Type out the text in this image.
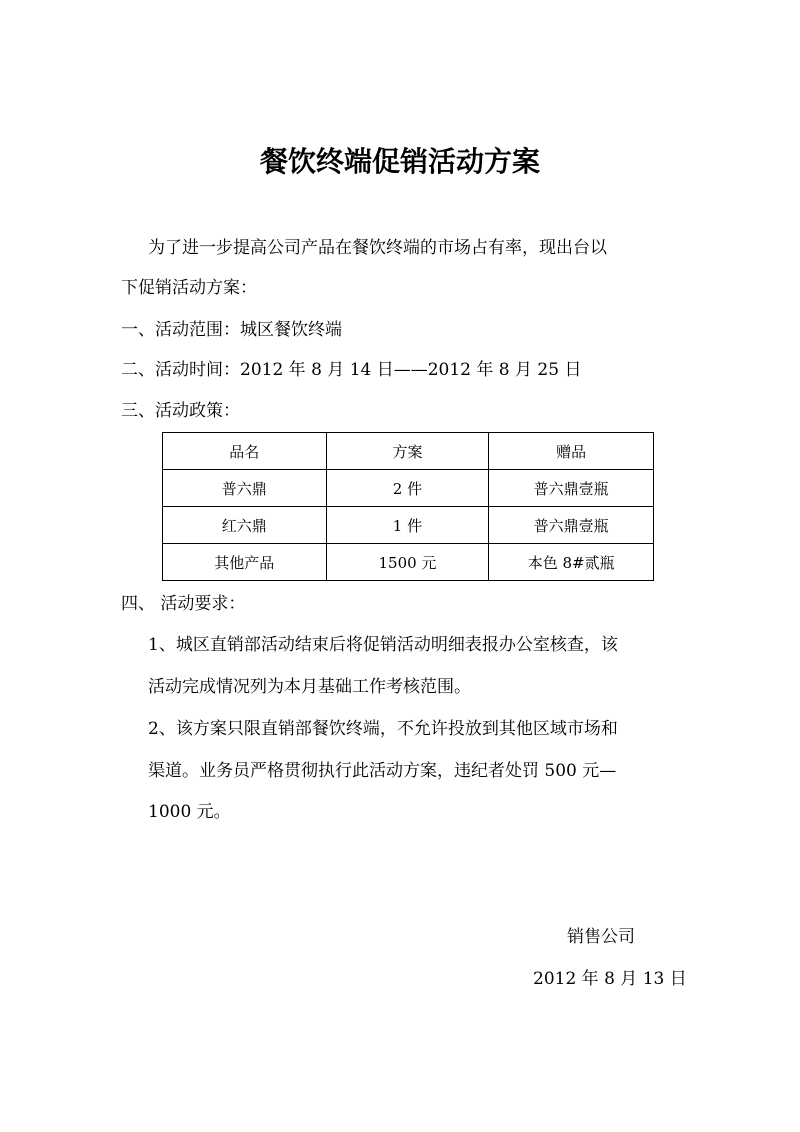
餐饮终端促销活动方案
为了进一步提高公司产品在餐饮终端的市场占有率，现出台以
下促销活动方案：
一、活动范围：城区餐饮终端
二、活动时间：2012 年 8 月 14 日——2012 年 8 月 25 日
三、活动政策：
品名	方案	赠品
普六鼎	2 件	普六鼎壹瓶
红六鼎	1 件	普六鼎壹瓶
其他产品	1500 元	本色 8#贰瓶
四、 活动要求：
1、城区直销部活动结束后将促销活动明细表报办公室核查，该
活动完成情况列为本月基础工作考核范围。
2、该方案只限直销部餐饮终端，不允许投放到其他区域市场和
渠道。业务员严格贯彻执行此活动方案，违纪者处罚 500 元—
1000 元。
销售公司
2012 年 8 月 13 日
